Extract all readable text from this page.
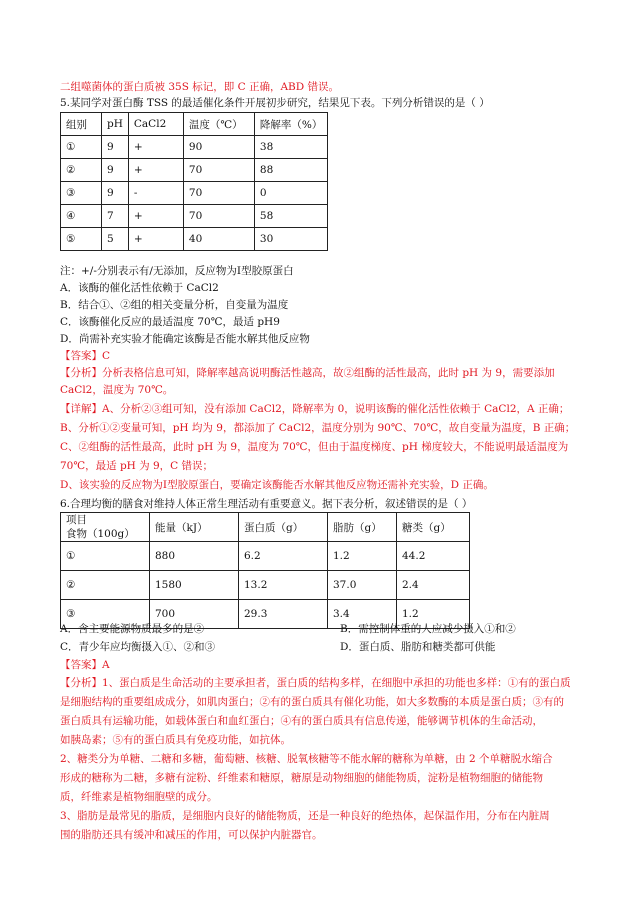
二组噬菌体的蛋白质被 35S 标记，即 C 正确，ABD 错误。
5.某同学对蛋白酶 TSS 的最适催化条件开展初步研究，结果见下表。下列分析错误的是（ ）
组别	pH	CaCl2	温度（℃）	降解率（%）
①	9	+	90	38
②	9	+	70	88
③	9	-	70	0
④	7	+	70	58
⑤	5	+	40	30
注：+/-分别表示有/无添加，反应物为Ⅰ型胶原蛋白
A．该酶的催化活性依赖于 CaCl2
B．结合①、②组的相关变量分析，自变量为温度
C．该酶催化反应的最适温度 70℃，最适 pH9
D．尚需补充实验才能确定该酶是否能水解其他反应物
【答案】C
【分析】分析表格信息可知，降解率越高说明酶活性越高，故②组酶的活性最高，此时 pH 为 9，需要添加
CaCl2，温度为 70℃。
【详解】A、分析②③组可知，没有添加 CaCl2，降解率为 0，说明该酶的催化活性依赖于 CaCl2，A 正确；
B、分析①②变量可知，pH 均为 9，都添加了 CaCl2，温度分别为 90℃、70℃，故自变量为温度，B 正确；
C、②组酶的活性最高，此时 pH 为 9，温度为 70℃，但由于温度梯度、pH 梯度较大，不能说明最适温度为
70℃，最适 pH 为 9，C 错误；
D、该实验的反应物为Ⅰ型胶原蛋白，要确定该酶能否水解其他反应物还需补充实验，D 正确。
6.合理均衡的膳食对维持人体正常生理活动有重要意义。据下表分析，叙述错误的是（ ）
项目
食物（100g）	能量（kJ）	蛋白质（g）	脂肪（g）	糖类（g）
①	880	6.2	1.2	44.2
②	1580	13.2	37.0	2.4
③	700	29.3	3.4	1.2
A．含主要能源物质最多的是②	B．需控制体重的人应减少摄入①和②
C．青少年应均衡摄入①、②和③	D．蛋白质、脂肪和糖类都可供能
【答案】A
【分析】1、蛋白质是生命活动的主要承担者，蛋白质的结构多样，在细胞中承担的功能也多样：①有的蛋白质
是细胞结构的重要组成成分，如肌肉蛋白；②有的蛋白质具有催化功能，如大多数酶的本质是蛋白质；③有的
蛋白质具有运输功能，如载体蛋白和血红蛋白；④有的蛋白质具有信息传递，能够调节机体的生命活动，
如胰岛素；⑤有的蛋白质具有免疫功能，如抗体。
2、糖类分为单糖、二糖和多糖，葡萄糖、核糖、脱氧核糖等不能水解的糖称为单糖，由 2 个单糖脱水缩合
形成的糖称为二糖，多糖有淀粉、纤维素和糖原，糖原是动物细胞的储能物质，淀粉是植物细胞的储能物
质，纤维素是植物细胞壁的成分。
3、脂肪是最常见的脂质，是细胞内良好的储能物质，还是一种良好的绝热体，起保温作用，分布在内脏周
围的脂肪还具有缓冲和减压的作用，可以保护内脏器官。
